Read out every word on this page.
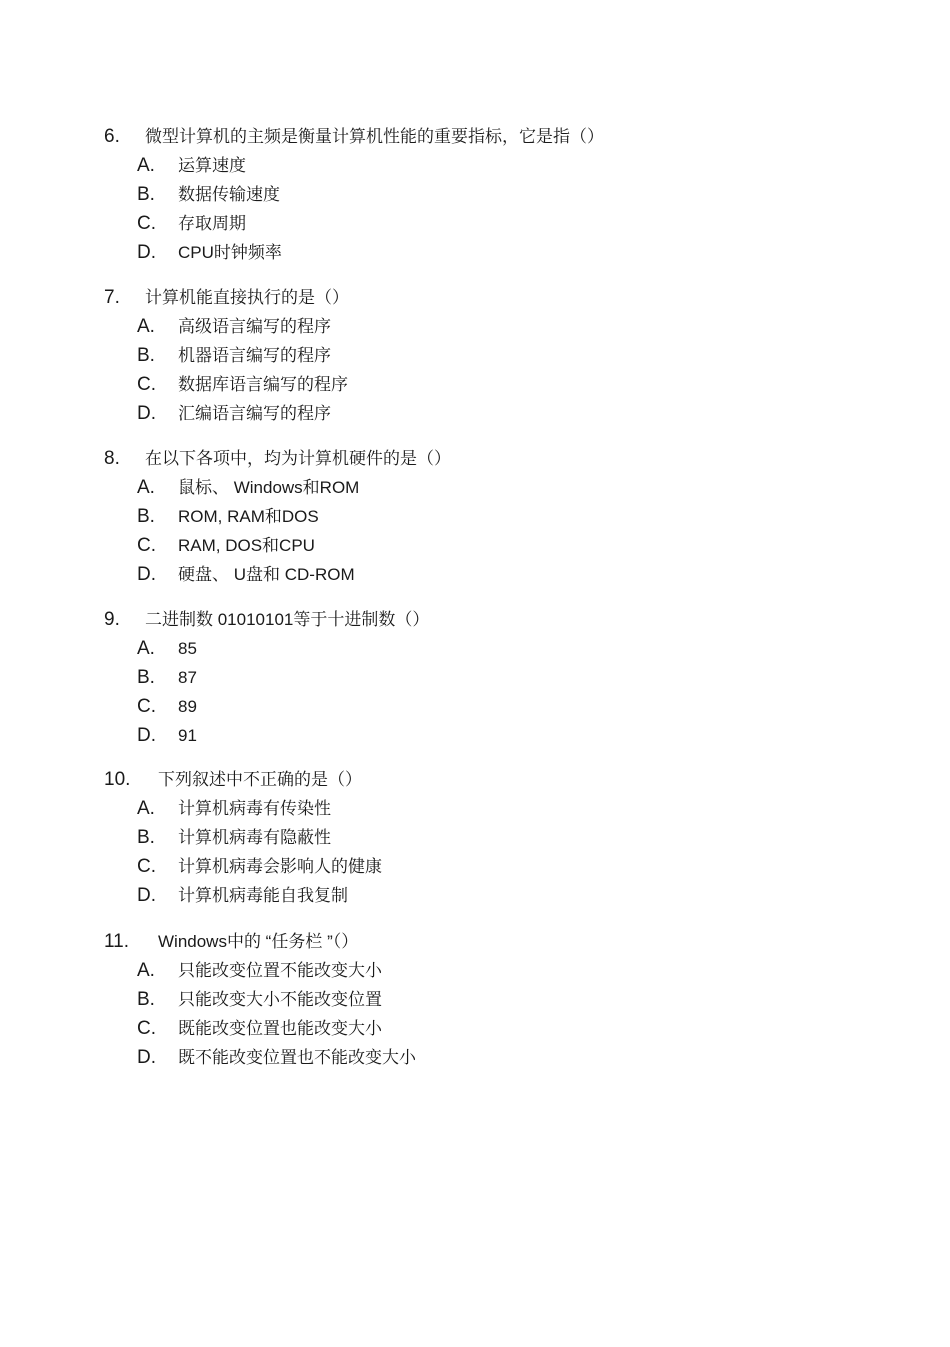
6. 微型计算机的主频是衡量计算机性能的重要指标，它是指（）
A. 运算速度
B. 数据传输速度
C. 存取周期
D. CPU时钟频率
7. 计算机能直接执行的是（）
A. 高级语言编写的程序
B. 机器语言编写的程序
C. 数据库语言编写的程序
D. 汇编语言编写的程序
8. 在以下各项中，均为计算机硬件的是（）
A. 鼠标、 Windows和ROM
B. ROM, RAM和DOS
C. RAM, DOS和CPU
D. 硬盘、 U盘和 CD-ROM
9. 二进制数 01010101等于十进制数（）
A. 85
B. 87
C. 89
D. 91
10. 下列叙述中不正确的是（）
A. 计算机病毒有传染性
B. 计算机病毒有隐蔽性
C. 计算机病毒会影响人的健康
D. 计算机病毒能自我复制
11. Windows中的 “任务栏 ”（）
A. 只能改变位置不能改变大小
B. 只能改变大小不能改变位置
C. 既能改变位置也能改变大小
D. 既不能改变位置也不能改变大小
